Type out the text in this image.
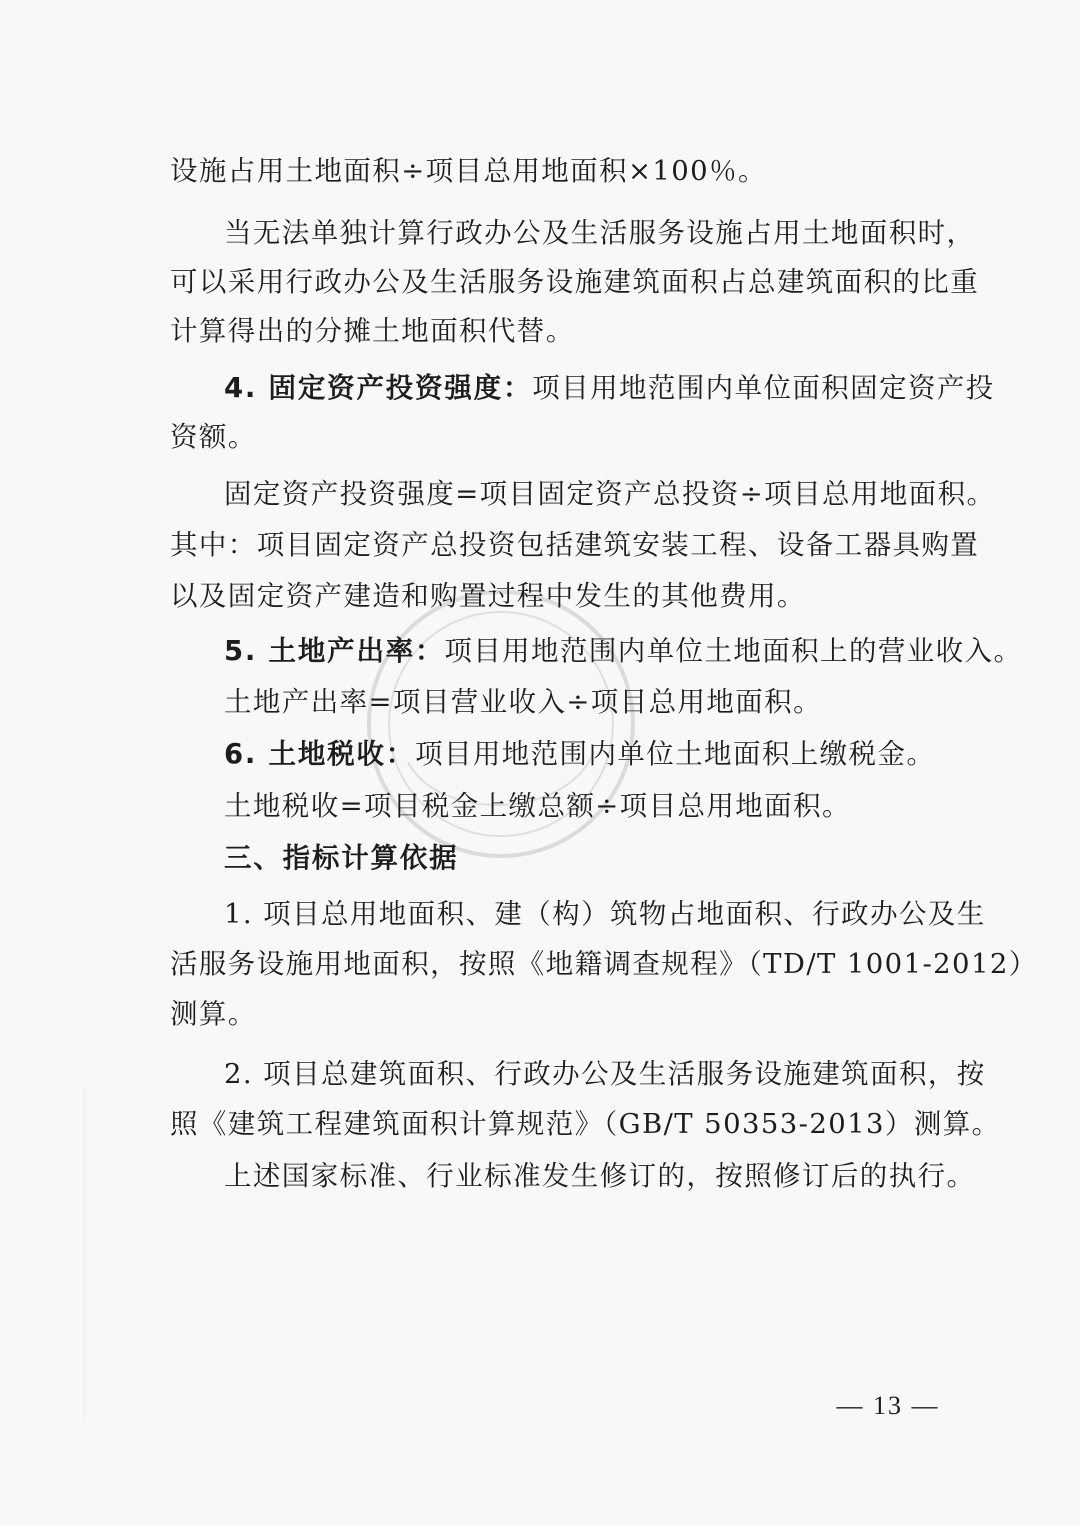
设施占用土地面积÷项目总用地面积×100％。
当无法单独计算行政办公及生活服务设施占用土地面积时，
可以采用行政办公及生活服务设施建筑面积占总建筑面积的比重
计算得出的分摊土地面积代替。
4. 固定资产投资强度：项目用地范围内单位面积固定资产投
资额。
固定资产投资强度=项目固定资产总投资÷项目总用地面积。
其中：项目固定资产总投资包括建筑安装工程、设备工器具购置
以及固定资产建造和购置过程中发生的其他费用。
5. 土地产出率：项目用地范围内单位土地面积上的营业收入。
土地产出率=项目营业收入÷项目总用地面积。
6. 土地税收：项目用地范围内单位土地面积上缴税金。
土地税收=项目税金上缴总额÷项目总用地面积。
三、指标计算依据
1. 项目总用地面积、建（构）筑物占地面积、行政办公及生
活服务设施用地面积，按照《地籍调查规程》（TD/T 1001-2012）
测算。
2. 项目总建筑面积、行政办公及生活服务设施建筑面积，按
照《建筑工程建筑面积计算规范》（GB/T 50353-2013）测算。
上述国家标准、行业标准发生修订的，按照修订后的执行。
— 13 —
